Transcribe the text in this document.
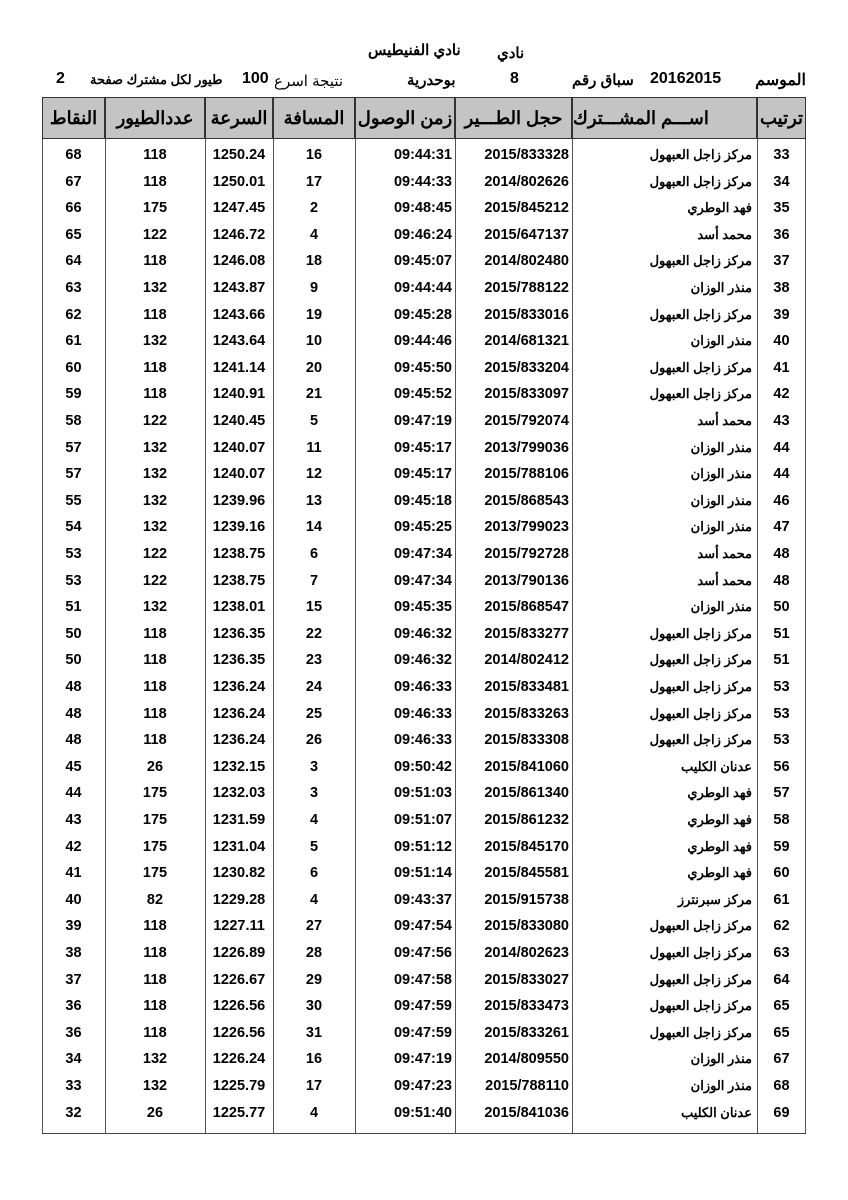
نادي
نادي الفنيطيس
الموسم
20162015
سباق رقم
8
بوحدرية
نتيجة اسرع
100
طيور لكل مشترك صفحة
2
ترتيب
اســـم المشـــترك
حجل الطـــير
زمن الوصول
المسافة
السرعة
عددالطيور
النقاط
33
مركز زاجل العبهول
2015/833328
09:44:31
16
1250.24
118
68
34
مركز زاجل العبهول
2014/802626
09:44:33
17
1250.01
118
67
35
فهد الوطري
2015/845212
09:48:45
2
1247.45
175
66
36
محمد أسد
2015/647137
09:46:24
4
1246.72
122
65
37
مركز زاجل العبهول
2014/802480
09:45:07
18
1246.08
118
64
38
منذر الوزان
2015/788122
09:44:44
9
1243.87
132
63
39
مركز زاجل العبهول
2015/833016
09:45:28
19
1243.66
118
62
40
منذر الوزان
2014/681321
09:44:46
10
1243.64
132
61
41
مركز زاجل العبهول
2015/833204
09:45:50
20
1241.14
118
60
42
مركز زاجل العبهول
2015/833097
09:45:52
21
1240.91
118
59
43
محمد أسد
2015/792074
09:47:19
5
1240.45
122
58
44
منذر الوزان
2013/799036
09:45:17
11
1240.07
132
57
44
منذر الوزان
2015/788106
09:45:17
12
1240.07
132
57
46
منذر الوزان
2015/868543
09:45:18
13
1239.96
132
55
47
منذر الوزان
2013/799023
09:45:25
14
1239.16
132
54
48
محمد أسد
2015/792728
09:47:34
6
1238.75
122
53
48
محمد أسد
2013/790136
09:47:34
7
1238.75
122
53
50
منذر الوزان
2015/868547
09:45:35
15
1238.01
132
51
51
مركز زاجل العبهول
2015/833277
09:46:32
22
1236.35
118
50
51
مركز زاجل العبهول
2014/802412
09:46:32
23
1236.35
118
50
53
مركز زاجل العبهول
2015/833481
09:46:33
24
1236.24
118
48
53
مركز زاجل العبهول
2015/833263
09:46:33
25
1236.24
118
48
53
مركز زاجل العبهول
2015/833308
09:46:33
26
1236.24
118
48
56
عدنان الكليب
2015/841060
09:50:42
3
1232.15
26
45
57
فهد الوطري
2015/861340
09:51:03
3
1232.03
175
44
58
فهد الوطري
2015/861232
09:51:07
4
1231.59
175
43
59
فهد الوطري
2015/845170
09:51:12
5
1231.04
175
42
60
فهد الوطري
2015/845581
09:51:14
6
1230.82
175
41
61
مركز سبرنترز
2015/915738
09:43:37
4
1229.28
82
40
62
مركز زاجل العبهول
2015/833080
09:47:54
27
1227.11
118
39
63
مركز زاجل العبهول
2014/802623
09:47:56
28
1226.89
118
38
64
مركز زاجل العبهول
2015/833027
09:47:58
29
1226.67
118
37
65
مركز زاجل العبهول
2015/833473
09:47:59
30
1226.56
118
36
65
مركز زاجل العبهول
2015/833261
09:47:59
31
1226.56
118
36
67
منذر الوزان
2014/809550
09:47:19
16
1226.24
132
34
68
منذر الوزان
2015/788110
09:47:23
17
1225.79
132
33
69
عدنان الكليب
2015/841036
09:51:40
4
1225.77
26
32
